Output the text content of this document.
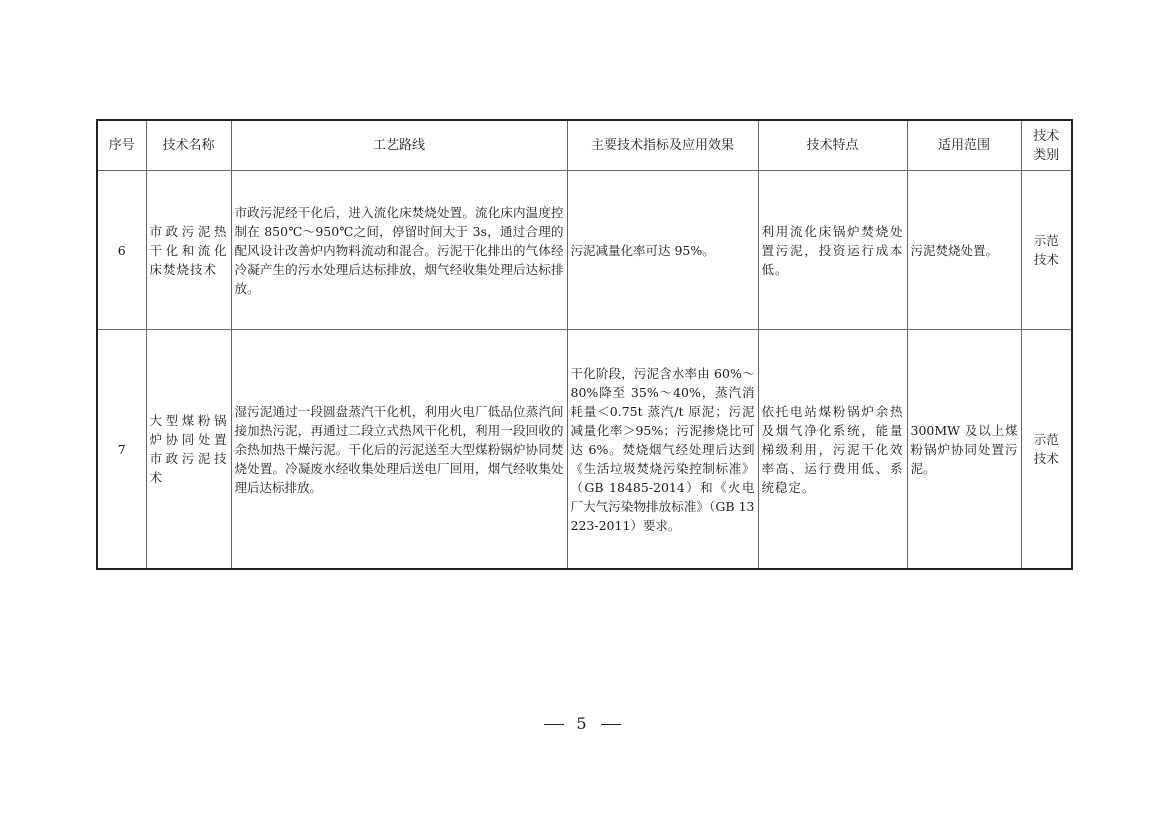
序号	技术名称	工艺路线	主要技术指标及应用效果	技术特点	适用范围	技术类别
6	市政污泥热干化和流化床焚烧技术	市政污泥经干化后，进入流化床焚烧处置。流化床内温度控制在 850℃～950℃之间，停留时间大于 3s，通过合理的配风设计改善炉内物料流动和混合。污泥干化排出的气体经冷凝产生的污水处理后达标排放，烟气经收集处理后达标排放。	污泥减量化率可达 95%。	利用流化床锅炉焚烧处置污泥，投资运行成本低。	污泥焚烧处置。	示范技术
7	大型煤粉锅炉协同处置市政污泥技术	湿污泥通过一段圆盘蒸汽干化机，利用火电厂低品位蒸汽间接加热污泥，再通过二段立式热风干化机，利用一段回收的余热加热干燥污泥。干化后的污泥送至大型煤粉锅炉协同焚烧处置。冷凝废水经收集处理后送电厂回用，烟气经收集处理后达标排放。	干化阶段，污泥含水率由 60%～80%降至 35%～40%，蒸汽消耗量＜0.75t 蒸汽/t 原泥；污泥减量化率＞95%；污泥掺烧比可达 6%。焚烧烟气经处理后达到《生活垃圾焚烧污染控制标准》（GB 18485-2014）和《火电厂大气污染物排放标准》（GB 13223-2011）要求。	依托电站煤粉锅炉余热及烟气净化系统，能量梯级利用，污泥干化效率高、运行费用低、系统稳定。	300MW 及以上煤粉锅炉协同处置污泥。	示范技术
5
